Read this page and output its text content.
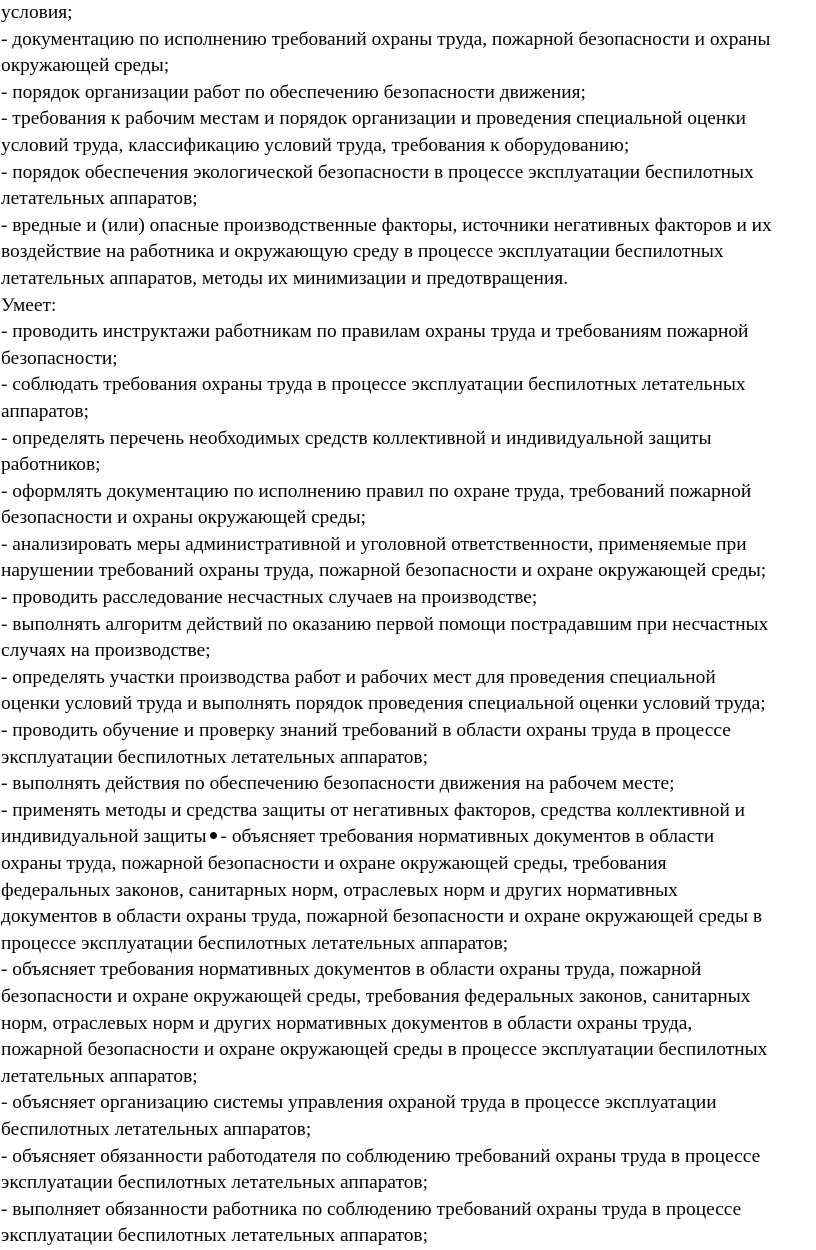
условия;
- документацию по исполнению требований охраны труда, пожарной безопасности и охраны
окружающей среды;
- порядок организации работ по обеспечению безопасности движения;
- требования к рабочим местам и порядок организации и проведения специальной оценки
условий труда, классификацию условий труда, требования к оборудованию;
- порядок обеспечения экологической безопасности в процессе эксплуатации беспилотных
летательных аппаратов;
- вредные и (или) опасные производственные факторы, источники негативных факторов и их
воздействие на работника и окружающую среду в процессе эксплуатации беспилотных
летательных аппаратов, методы их минимизации и предотвращения.
Умеет:
- проводить инструктажи работникам по правилам охраны труда и требованиям пожарной
безопасности;
- соблюдать требования охраны труда в процессе эксплуатации беспилотных летательных
аппаратов;
- определять перечень необходимых средств коллективной и индивидуальной защиты
работников;
- оформлять документацию по исполнению правил по охране труда, требований пожарной
безопасности и охраны окружающей среды;
- анализировать меры административной и уголовной ответственности, применяемые при
нарушении требований охраны труда, пожарной безопасности и охране окружающей среды;
- проводить расследование несчастных случаев на производстве;
- выполнять алгоритм действий по оказанию первой помощи пострадавшим при несчастных
случаях на производстве;
- определять участки производства работ и рабочих мест для проведения специальной
оценки условий труда и выполнять порядок проведения специальной оценки условий труда;
- проводить обучение и проверку знаний требований в области охраны труда в процессе
эксплуатации беспилотных летательных аппаратов;
- выполнять действия по обеспечению безопасности движения на рабочем месте;
- применять методы и средства защиты от негативных факторов, средства коллективной и
индивидуальной защиты - объясняет требования нормативных документов в области
охраны труда, пожарной безопасности и охране окружающей среды, требования
федеральных законов, санитарных норм, отраслевых норм и других нормативных
документов в области охраны труда, пожарной безопасности и охране окружающей среды в
процессе эксплуатации беспилотных летательных аппаратов;
- объясняет требования нормативных документов в области охраны труда, пожарной
безопасности и охране окружающей среды, требования федеральных законов, санитарных
норм, отраслевых норм и других нормативных документов в области охраны труда,
пожарной безопасности и охране окружающей среды в процессе эксплуатации беспилотных
летательных аппаратов;
- объясняет организацию системы управления охраной труда в процессе эксплуатации
беспилотных летательных аппаратов;
- объясняет обязанности работодателя по соблюдению требований охраны труда в процессе
эксплуатации беспилотных летательных аппаратов;
- выполняет обязанности работника по соблюдению требований охраны труда в процессе
эксплуатации беспилотных летательных аппаратов;
